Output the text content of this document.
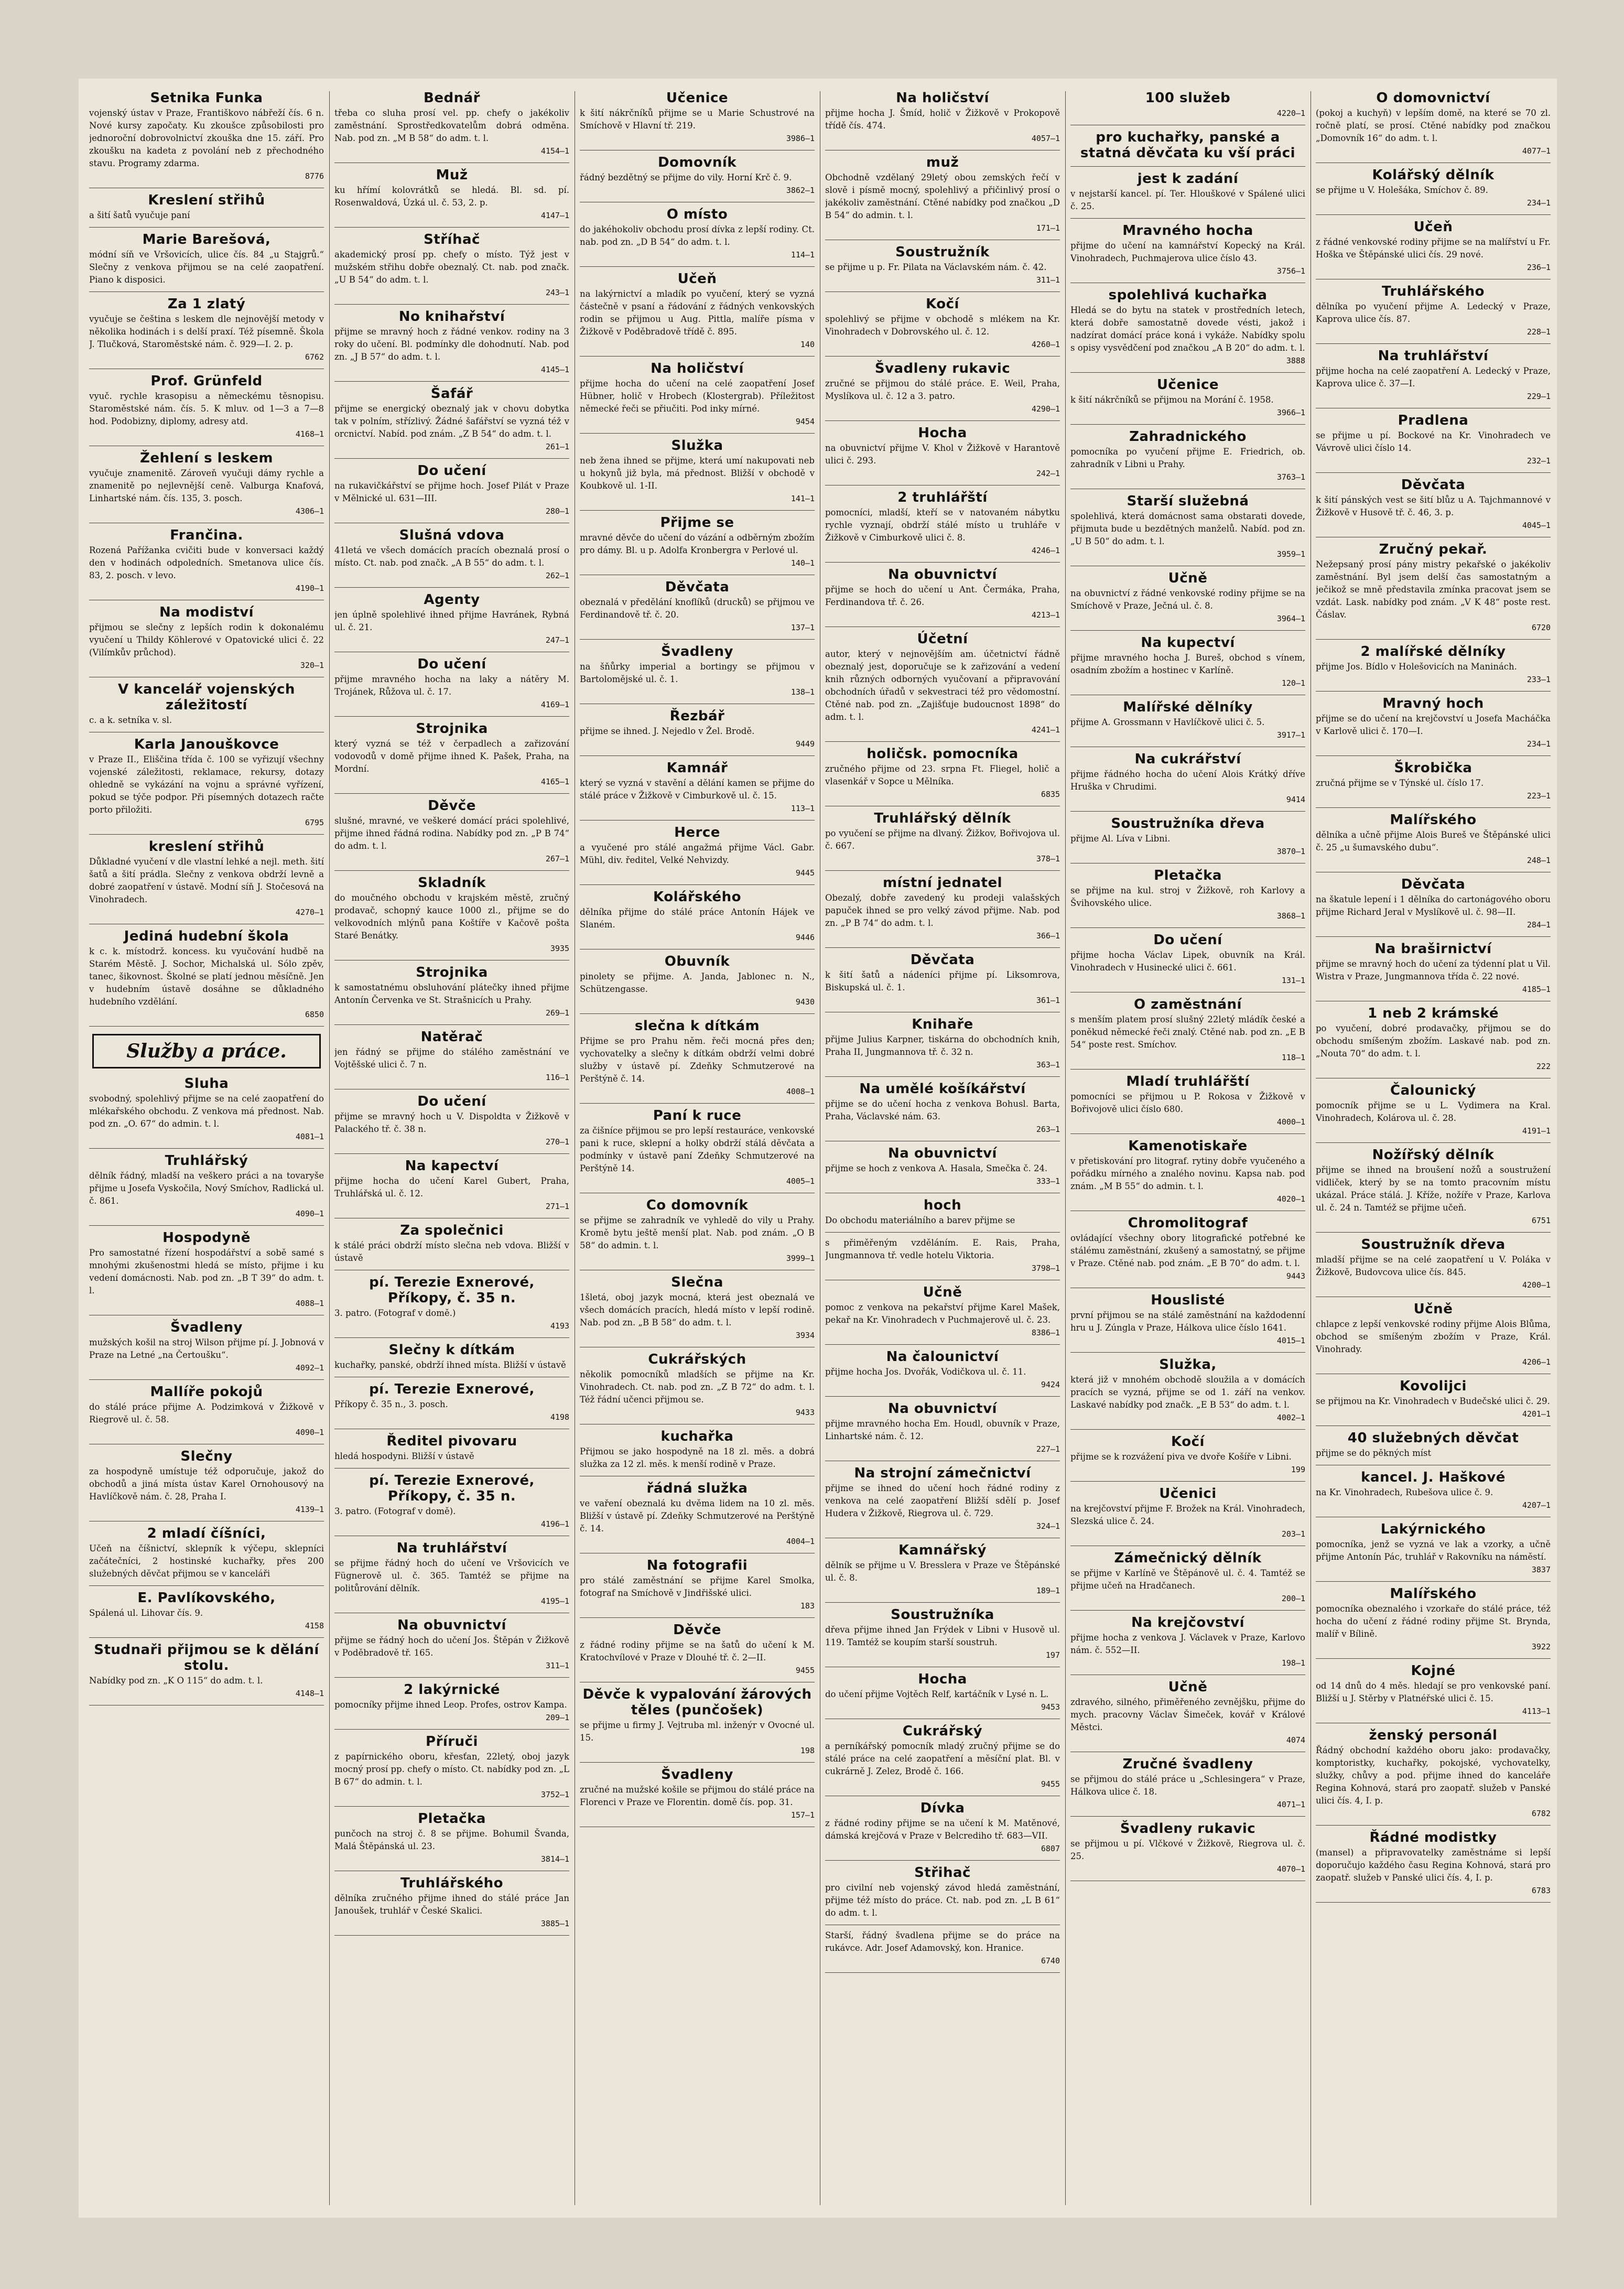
Setnika Funka

vojenský ústav v Praze, Františkovo nábřeží čís. 6 n. Nové kursy započaty. Ku zkoušce způsobilosti pro jednoroční dobrovolnictví zkouška dne 15. září. Pro zkoušku na kadeta z povolání neb z přechodného stavu. Programy zdarma.

8776
Kreslení střihů

a šití šatů vyučuje paní

Marie Barešová,

módní síň ve Vršovicích, ulice čís. 84 „u Stajgrů.“ Slečny z venkova přijmou se na celé zaopatření. Piano k disposici.

Za 1 zlatý

vyučuje se čeština s leskem dle nejnovější metody v několika hodinách i s delší praxí. Též písemně. Škola J. Tlučková, Staroměstské nám. č. 929—I. 2. p.

6762
Prof. Grünfeld

vyuč. rychle krasopisu a německému těsnopisu. Staroměstské nám. čís. 5. K mluv. od 1—3 a 7—8 hod. Podobizny, diplomy, adresy atd.

4168—1
Žehlení s leskem

vyučuje znamenitě. Zároveň vyučuji dámy rychle a znamenitě po nejlevnější ceně. Valburga Knafová, Linhartské nám. čís. 135, 3. posch.

4306—1
Frančina.

Rozená Pařížanka cvičiti bude v konversaci každý den v hodinách odpoledních. Smetanova ulice čís. 83, 2. posch. v levo.

4190—1
Na modiství

přijmou se slečny z lepších rodin k dokonalému vyučení u Thildy Köhlerové v Opatovické ulici č. 22 (Vilímkův průchod).

320—1
V kancelář vojenských záležitostí

c. a k. setníka v. sl.

Karla Janouškovce

v Praze II., Eliščina třída č. 100 se vyřizují všechny vojenské záležitosti, reklamace, rekursy, dotazy ohledně se vykázání na vojnu a správné vyřízení, pokud se týče podpor. Při písemných dotazech račte porto přiložiti.

6795
kreslení střihů

Důkladné vyučení v dle vlastní lehké a nejl. meth. šití šatů a šití prádla. Slečny z venkova obdrží levně a dobré zaopatření v ústavě. Modní síň J. Stočesová na Vinohradech.

4270—1
Jediná hudební škola

k c. k. místodrž. koncess. ku vyučování hudbě na Starém Městě. J. Sochor, Michalská ul. Sólo zpěv, tanec, šikovnost. Školné se platí jednou měsíčně. Jen v hudebním ústavě dosáhne se důkladného hudebního vzdělání.

6850
Služby a práce.
Sluha

svobodný, spolehlivý přijme se na celé zaopatření do mlékařského obchodu. Z venkova má přednost. Nab. pod zn. „O. 67“ do admin. t. l.

4081—1
Truhlářský

dělník řádný, mladší na veškero práci a na tovaryše přijme u Josefa Vyskočila, Nový Smíchov, Radlická ul. č. 861.

4090—1
Hospodyně

Pro samostatné řízení hospodářství a sobě samé s mnohými zkušenostmi hledá se místo, přijme i ku vedení domácnosti. Nab. pod zn. „B T 39“ do adm. t. l.

4088—1
Švadleny

mužských košil na stroj Wilson přijme pí. J. Jobnová v Praze na Letné „na Čertoušku“.

4092—1
Mallíře pokojů

do stálé práce přijme A. Podzimková v Žižkově v Riegrově ul. č. 58.

4090—1
Slečny

za hospodyně umístuje též odporučuje, jakož do obchodů a jiná místa ústav Karel Ornohousový na Havlíčkově nám. č. 28, Praha I.

4139—1
2 mladí číšníci,

Učeň na číšnictví, sklepník k výčepu, sklepníci začátečníci, 2 hostinské kuchařky, přes 200 služebných děvčat přijmou se v kanceláři

E. Pavlíkovského,

Spálená ul. Lihovar čís. 9.

4158
Studnaři přijmou se k dělání stolu.

Nabídky pod zn. „K O 115“ do adm. t. l.

4148—1
Bednář

třeba co sluha prosí vel. pp. chefy o jakékoliv zaměstnání. Sprostředkovatelům dobrá odměna. Nab. pod zn. „M B 58“ do adm. t. l.

4154—1
Muž

ku hřímí kolovrátků se hledá. Bl. sd. pí. Rosenwaldová, Úzká ul. č. 53, 2. p.

4147—1
Stříhač

akademický prosí pp. chefy o místo. Týž jest v mužském střihu dobře obeznalý. Ct. nab. pod značk. „U B 54“ do adm. t. l.

243—1
No knihařství

přijme se mravný hoch z řádné venkov. rodiny na 3 roky do učení. Bl. podmínky dle dohodnutí. Nab. pod zn. „J B 57“ do adm. t. l.

4145—1
Šafář

přijme se energický obeznalý jak v chovu dobytka tak v polním, střízlivý. Žádné šafářství se vyzná též v orcnictví. Nabíd. pod znám. „Z B 54“ do adm. t. l.

261—1
Do učení

na rukavičkářství se přijme hoch. Josef Pilát v Praze v Mělnické ul. 631—III.

280—1
Slušná vdova

41letá ve všech domácích pracích obeznalá prosí o místo. Ct. nab. pod značk. „A B 55“ do adm. t. l.

262—1
Agenty

jen úplně spolehlivé ihned přijme Havránek, Rybná ul. č. 21.

247—1
Do učení

přijme mravného hocha na laky a nátěry M. Trojánek, Růžova ul. č. 17.

4169—1
Strojnika

který vyzná se též v čerpadlech a zařizování vodovodů v domě přijme ihned K. Pašek, Praha, na Mordní.

4165—1
Děvče

slušné, mravné, ve veškeré domácí práci spolehlivé, přijme ihned řádná rodina. Nabídky pod zn. „P B 74“ do adm. t. l.

267—1
Skladník

do moučného obchodu v krajském městě, zručný prodavač, schopný kauce 1000 zl., přijme se do velkovodních mlýnů pana Koštíře v Kačově pošta Staré Benátky.

3935
Strojnika

k samostatnému obsluhování plátečky ihned přijme Antonín Červenka ve St. Strašnicích u Prahy.

269—1
Natěrač

jen řádný se přijme do stálého zaměstnání ve Vojtěšské ulici č. 7 n.

116—1
Do učení

přijme se mravný hoch u V. Dispoldta v Žižkově v Palackého tř. č. 38 n.

270—1
Na kapectví

přijme hocha do učení Karel Gubert, Praha, Truhlářská ul. č. 12.

271—1
Za společnici

k stálé práci obdrží místo slečna neb vdova. Bližší v ústavě

pí. Terezie Exnerové, Příkopy, č. 35 n.

3. patro. (Fotograf v domě.)

4193
Slečny k dítkám

kuchařky, panské, obdrží ihned místa. Bližší v ústavě

pí. Terezie Exnerové,

Příkopy č. 35 n., 3. posch.

4198
Ředitel pivovaru

hledá hospodyni. Bližší v ústavě

pí. Terezie Exnerové, Příkopy, č. 35 n.

3. patro. (Fotograf v domě).

4196—1
Na truhlářství

se přijme řádný hoch do učení ve Vršovicích ve Fügnerově ul. č. 365. Tamtéž se přijme na politůrování dělník.

4195—1
Na obuvnictví

přijme se řádný hoch do učení Jos. Štěpán v Žižkově v Poděbradově tř. 165.

311—1
2 lakýrnické

pomocníky přijme ihned Leop. Profes, ostrov Kampa.

209—1
Příruči

z papírnického oboru, křesťan, 22letý, oboj jazyk mocný prosí pp. chefy o místo. Ct. nabídky pod zn. „L B 67“ do admin. t. l.

3752—1
Pletačka

punčoch na stroj č. 8 se přijme. Bohumil Švanda, Malá Štěpánská ul. 23.

3814—1
Truhlářského

dělníka zručného přijme ihned do stálé práce Jan Janoušek, truhlář v České Skalici.

3885—1
Učenice

k šití nákrčníků přijme se u Marie Schustrové na Smíchově v Hlavní tř. 219.

3986—1
Domovník

řádný bezdětný se přijme do vily. Horní Krč č. 9.

3862—1
O místo

do jakéhokoliv obchodu prosí dívka z lepší rodiny. Ct. nab. pod zn. „D B 54“ do adm. t. l.

114—1
Učeň

na lakýrnictví a mladík po vyučení, který se vyzná částečně v psaní a řádování z řádných venkovských rodin se přijmou u Aug. Pittla, malíře písma v Žižkově v Poděbradově třídě č. 895.

140
Na holičství

přijme hocha do učení na celé zaopatření Josef Hübner, holič v Hrobech (Klostergrab). Příležitost německé řeči se přiučiti. Pod inky mírné.

9454
Služka

neb žena ihned se přijme, která umí nakupovati neb u hokynů již byla, má přednost. Bližší v obchodě v Koubkově ul. 1-II.

141—1
Přijme se

mravné děvče do učení do vázání a odběrným zbožím pro dámy. Bl. u p. Adolfa Kronbergra v Perlové ul.

140—1
Děvčata

obeznalá v předělání knoflíků (drucků) se přijmou ve Ferdinandově tř. č. 20.

137—1
Švadleny

na šňůrky imperial a bortingy se přijmou v Bartolomějské ul. č. 1.

138—1
Řezbář

přijme se ihned. J. Nejedlo v Žel. Brodě.

9449
Kamnář

který se vyzná v stavění a dělání kamen se přijme do stálé práce v Žižkově v Cimburkově ul. č. 15.

113—1
Herce

a vyučené pro stálé angažmá přijme Václ. Gabr. Mühl, div. ředitel, Velké Nehvizdy.

9445
Kolářského

dělníka přijme do stálé práce Antonín Hájek ve Slaném.

9446
Obuvník

pinolety se přijme. A. Janda, Jablonec n. N., Schützengasse.

9430
slečna k dítkám

Přijme se pro Prahu něm. řeči mocná přes den; vychovatelky a slečny k dítkám obdrží velmi dobré služby v ústavě pí. Zdeňky Schmutzerové na Perštýně č. 14.

4008—1
Paní k ruce

za čišníce přijmou se pro lepší restauráce, venkovské pani k ruce, sklepní a holky obdrží stálá děvčata a podmínky v ústavě paní Zdeňky Schmutzerové na Perštýně 14.

4005—1
Co domovník

se přijme se zahradník ve vyhledě do vily u Prahy. Kromě bytu ještě menší plat. Nab. pod znám. „O B 58“ do admin. t. l.

3999—1
Slečna

1šletá, oboj jazyk mocná, která jest obeznalá ve všech domácích pracích, hledá místo v lepší rodině. Nab. pod zn. „B B 58“ do adm. t. l.

3934
Cukrářských

několik pomocníků mladších se přijme na Kr. Vinohradech. Ct. nab. pod zn. „Z B 72“ do adm. t. l. Též řádní učenci přijmou se.

9433
kuchařka

Přijmou se jako hospodyně na 18 zl. měs. a dobrá služka za 12 zl. měs. k menší rodině v Praze.

řádná služka

ve vaření obeznalá ku dvěma lidem na 10 zl. měs. Bližší v ústavě pí. Zdeňky Schmutzerové na Perštýně č. 14.

4004—1
Na fotografii

pro stálé zaměstnání se přijme Karel Smolka, fotograf na Smíchově v Jindřišské ulici.

183
Děvče

z řádné rodiny přijme se na šatů do učení k M. Kratochvílové v Praze v Dlouhé tř. č. 2—II.

9455
Děvče k vypalování žárových těles (punčošek)

se přijme u firmy J. Vejtruba ml. inženýr v Ovocné ul. 15.

198
Švadleny

zručné na mužské košile se přijmou do stálé práce na Florenci v Praze ve Florentin. domě čís. pop. 31.

157—1
Na holičství

přijme hocha J. Šmíd, holič v Žižkově v Prokopově třídě čís. 474.

4057—1
muž

Obchodně vzdělaný 29letý obou zemských řečí v slově i písmě mocný, spolehlivý a přičinlivý prosí o jakékoliv zaměstnání. Ctěné nabídky pod značkou „D B 54“ do admin. t. l.

171—1
Soustružník

se přijme u p. Fr. Pilata na Václavském nám. č. 42.

311—1
Kočí

spolehlivý se přijme v obchodě s mlékem na Kr. Vinohradech v Dobrovského ul. č. 12.

4260—1
Švadleny rukavic

zručné se přijmou do stálé práce. E. Weil, Praha, Myslíkova ul. č. 12 a 3. patro.

4290—1
Hocha

na obuvnictví přijme V. Khol v Žižkově v Harantově ulici č. 293.

242—1
2 truhlářští

pomocníci, mladší, kteří se v natovaném nábytku rychle vyznají, obdrží stálé místo u truhláře v Žižkově v Cimburkově ulici č. 8.

4246—1
Na obuvnictví

přijme se hoch do učení u Ant. Čermáka, Praha, Ferdinandova tř. č. 26.

4213—1
Účetní

autor, který v nejnovějším am. účetnictví řádně obeznalý jest, doporučuje se k zařizování a vedení knih různých odborných vyučovaní a připravování obchodních úřadů v sekvestraci též pro vědomostní. Ctěné nab. pod zn. „Zajišťuje budoucnost 1898“ do adm. t. l.

4241—1
holičsk. pomocníka

zručného přijme od 23. srpna Ft. Fliegel, holič a vlasenkář v Sopce u Mělníka.

6835
Truhlářský dělník

po vyučení se přijme na dlvaný. Žižkov, Bořivojova ul. č. 667.

378—1
místní jednatel

Obezalý, dobře zavedený ku prodeji valašských papuček ihned se pro velký závod přijme. Nab. pod zn. „P B 74“ do adm. t. l.

366—1
Děvčata

k šití šatů a nádeníci přijme pí. Liksomrova, Biskupská ul. č. 1.

361—1
Knihaře

přijme Julius Karpner, tiskárna do obchodních knih, Praha II, Jungmannova tř. č. 32 n.

363—1
Na umělé košíkářství

přijme se do učení hocha z venkova Bohusl. Barta, Praha, Václavské nám. 63.

263—1
Na obuvnictví

přijme se hoch z venkova A. Hasala, Smečka č. 24.

333—1
hoch

Do obchodu materiálního a barev přijme se

s přiměřeným vzděláním. E. Rais, Praha, Jungmannova tř. vedle hotelu Viktoria.

3798—1
Učně

pomoc z venkova na pekařství přijme Karel Mašek, pekař na Kr. Vinohradech v Puchmajerově ul. č. 23.

8386—1
Na čalounictví

přijme hocha Jos. Dvořák, Vodičkova ul. č. 11.

9424
Na obuvnictví

přijme mravného hocha Em. Houdl, obuvník v Praze, Linhartské nám. č. 12.

227—1
Na strojní zámečnictví

přijme se ihned do učení hoch řádné rodiny z venkova na celé zaopatření Bližší sdělí p. Josef Hudera v Žižkově, Riegrova ul. č. 729.

324—1
Kamnářský

dělník se přijme u V. Bresslera v Praze ve Štěpánské ul. č. 8.

189—1
Soustružníka

dřeva přijme ihned Jan Frýdek v Libni v Husově ul. 119. Tamtéž se koupím starší soustruh.

197
Hocha

do učení přijme Vojtěch Relf, kartáčník v Lysé n. L.

9453
Cukrářský

a perníkářský pomocník mladý zručný přijme se do stálé práce na celé zaopatření a měsíční plat. Bl. v cukrárně J. Zelez, Brodě č. 166.

9455
Dívka

z řádné rodiny přijme se na učení k M. Matěnové, dámská krejčová v Praze v Belcrediho tř. 683—VII.

6807
Střihač

pro civilní neb vojenský závod hledá zaměstnání, přijme též místo do práce. Ct. nab. pod zn. „L B 61“ do adm. t. l.

Starší, řádný švadlena přijme se do práce na rukávce. Adr. Josef Adamovský, kon. Hranice.

6740
100 služeb
4220—1
pro kuchařky, panské a statná děvčata ku vší práci
jest k zadání

v nejstarší kancel. pí. Ter. Hlouškové v Spálené ulici č. 25.

Mravného hocha

přijme do učení na kamnářství Kopecký na Král. Vinohradech, Puchmajerova ulice číslo 43.

3756—1
spolehlivá kuchařka

Hledá se do bytu na statek v prostředních letech, která dobře samostatně dovede vésti, jakož i nadzírat domácí práce koná i vykáže. Nabídky spolu s opisy vysvědčení pod značkou „A B 20“ do adm. t. l.

3888
Učenice

k šití nákrčníků se přijmou na Morání č. 1958.

3966—1
Zahradnického

pomocníka po vyučení přijme E. Friedrich, ob. zahradník v Libni u Prahy.

3763—1
Starší služebná

spolehlivá, která domácnost sama obstarati dovede, přijmuta bude u bezdětných manželů. Nabíd. pod zn. „U B 50“ do adm. t. l.

3959—1
Učně

na obuvnictví z řádné venkovské rodiny přijme se na Smíchově v Praze, Ječná ul. č. 8.

3964—1
Na kupectví

přijme mravného hocha J. Bureš, obchod s vínem, osadním zbožím a hostinec v Karlíně.

120—1
Malířské dělníky

přijme A. Grossmann v Havlíčkově ulici č. 5.

3917—1
Na cukrářství

přijme řádného hocha do učení Alois Krátký dříve Hruška v Chrudimi.

9414
Soustružníka dřeva

přijme Al. Líva v Libni.

3870—1
Pletačka

se přijme na kul. stroj v Žižkově, roh Karlovy a Švihovského ulice.

3868—1
Do učení

přijme hocha Václav Lipek, obuvník na Král. Vinohradech v Husinecké ulici č. 661.

131—1
O zaměstnání

s menším platem prosí slušný 22letý mládík české a poněkud německé řeči znalý. Ctěné nab. pod zn. „E B 54“ poste rest. Smíchov.

118—1
Mladí truhlářští

pomocníci se přijmou u P. Rokosa v Žižkově v Bořivojově ulici číslo 680.

4000—1
Kamenotiskaře

v přetiskování pro litograf. rytiny dobře vyučeného a pořádku mírného a znalého novinu. Kapsa nab. pod znám. „M B 55“ do admin. t. l.

4020—1
Chromolitograf

ovládající všechny obory litografické potřebné ke stálému zaměstnání, zkušený a samostatný, se přijme v Praze. Ctěné nab. pod znám. „E B 70“ do adm. t. l.

9443
Houslisté

první přijmou se na stálé zaměstnání na každodenní hru u J. Zúngla v Praze, Hálkova ulice číslo 1641.

4015—1
Služka,

která již v mnohém obchodě sloužila a v domácích pracích se vyzná, přijme se od 1. září na venkov. Laskavé nabídky pod značk. „E B 53“ do adm. t. l.

4002—1
Kočí

přijme se k rozvážení piva ve dvoře Košíře v Libni.

199
Učenici

na krejčovství přijme F. Brožek na Král. Vinohradech, Slezská ulice č. 24.

203—1
Zámečnický dělník

se přijme v Karlíně ve Štěpánově ul. č. 4. Tamtéž se přijme učeň na Hradčanech.

200—1
Na krejčovství

přijme hocha z venkova J. Václavek v Praze, Karlovo nám. č. 552—II.

198—1
Učně

zdravého, silného, přiměřeného zevnějšku, přijme do mych. pracovny Václav Šimeček, kovář v Králové Městci.

4074
Zručné švadleny

se přijmou do stálé práce u „Schlesingera“ v Praze, Hálkova ulice č. 18.

4071—1
Švadleny rukavic

se přijmou u pí. Vlčkové v Žižkově, Riegrova ul. č. 25.

4070—1
O domovnictví

(pokoj a kuchyň) v lepším domě, na které se 70 zl. ročně platí, se prosí. Ctěné nabídky pod značkou „Domovník 16“ do adm. t. l.

4077—1
Kolářský dělník

se přijme u V. Holešáka, Smíchov č. 89.

234—1
Učeň

z řádné venkovské rodiny přijme se na malířství u Fr. Hoška ve Štěpánské ulici čís. 29 nové.

236—1
Truhlářského

dělníka po vyučení přijme A. Ledecký v Praze, Kaprova ulice čís. 87.

228—1
Na truhlářství

přijme hocha na celé zaopatření A. Ledecký v Praze, Kaprova ulice č. 37—I.

229—1
Pradlena

se přijme u pí. Bockové na Kr. Vinohradech ve Vávrově ulici číslo 14.

232—1
Děvčata

k šití pánských vest se šití blůz u A. Tajchmannové v Žižkově v Husově tř. č. 46, 3. p.

4045—1
Zručný pekař.

Nežepsaný prosí pány mistry pekařské o jakékoliv zaměstnání. Byl jsem delší čas samostatným a ječikož se mně představila zmínka pracovat jsem se vzdát. Lask. nabídky pod znám. „V K 48“ poste rest. Čáslav.

6720
2 malířské dělníky

přijme Jos. Bídlo v Holešovicích na Maninách.

233—1
Mravný hoch

přijme se do učení na krejčovství u Josefa Macháčka v Karlově ulici č. 170—I.

234—1
Škrobička

zručná přijme se v Týnské ul. číslo 17.

223—1
Malířského

dělníka a učně přijme Alois Bureš ve Štěpánské ulici č. 25 „u šumavského dubu“.

248—1
Děvčata

na škatule lepení i 1 dělníka do cartonágového oboru přijme Richard Jeral v Myslíkově ul. č. 98—II.

284—1
Na braširnictví

přijme se mravný hoch do učení za týdenní plat u Vil. Wistra v Praze, Jungmannova třída č. 22 nové.

4185—1
1 neb 2 krámské

po vyučení, dobré prodavačky, přijmou se do obchodu smíšeným zbožím. Laskavé nab. pod zn. „Nouta 70“ do adm. t. l.

222
Čalounický

pomocník přijme se u L. Vydimera na Kral. Vinohradech, Kolárova ul. č. 28.

4191—1
Nožířský dělník

přijme se ihned na broušení nožů a soustružení vidliček, který by se na tomto pracovním místu ukázal. Práce stálá. J. Kříže, nožíře v Praze, Karlova ul. č. 24 n. Tamtéž se přijme učeň.

6751
Soustružník dřeva

mladší přijme se na celé zaopatření u V. Poláka v Žižkově, Budovcova ulice čís. 845.

4200—1
Učně

chlapce z lepší venkovské rodiny přijme Alois Blůma, obchod se smíšeným zbožím v Praze, Král. Vinohrady.

4206—1
Kovolijci

se přijmou na Kr. Vinohradech v Budečské ulici č. 29.

4201—1
40 služebných děvčat

přijme se do pěkných míst

kancel. J. Haškové

na Kr. Vinohradech, Rubešova ulice č. 9.

4207—1
Lakýrnického

pomocníka, jenž se vyzná ve lak a vzorky, a učně přijme Antonín Pác, truhlář v Rakovníku na náměstí.

3837
Malířského

pomocníka obeznalého i vzorkaře do stálé práce, též hocha do učení z řádné rodiny přijme St. Brynda, malíř v Bílině.

3922
Kojné

od 14 dnů do 4 měs. hledají se pro venkovské paní. Bližší u J. Stěrby v Platnéřské ulici č. 15.

4113—1
ženský personál

Řádný obchodní každého oboru jako: prodavačky, komptoristky, kuchařky, pokojské, vychovatelky, služky, chůvy a pod. přijme ihned do kanceláře Regina Kohnová, stará pro zaopatř. služeb v Panské ulici čís. 4, I. p.

6782
Řádné modistky

(mansel) a připravovatelky zaměstnáme si lepší doporučujo každého času Regina Kohnová, stará pro zaopatř. služeb v Panské ulici čís. 4, I. p.

6783
